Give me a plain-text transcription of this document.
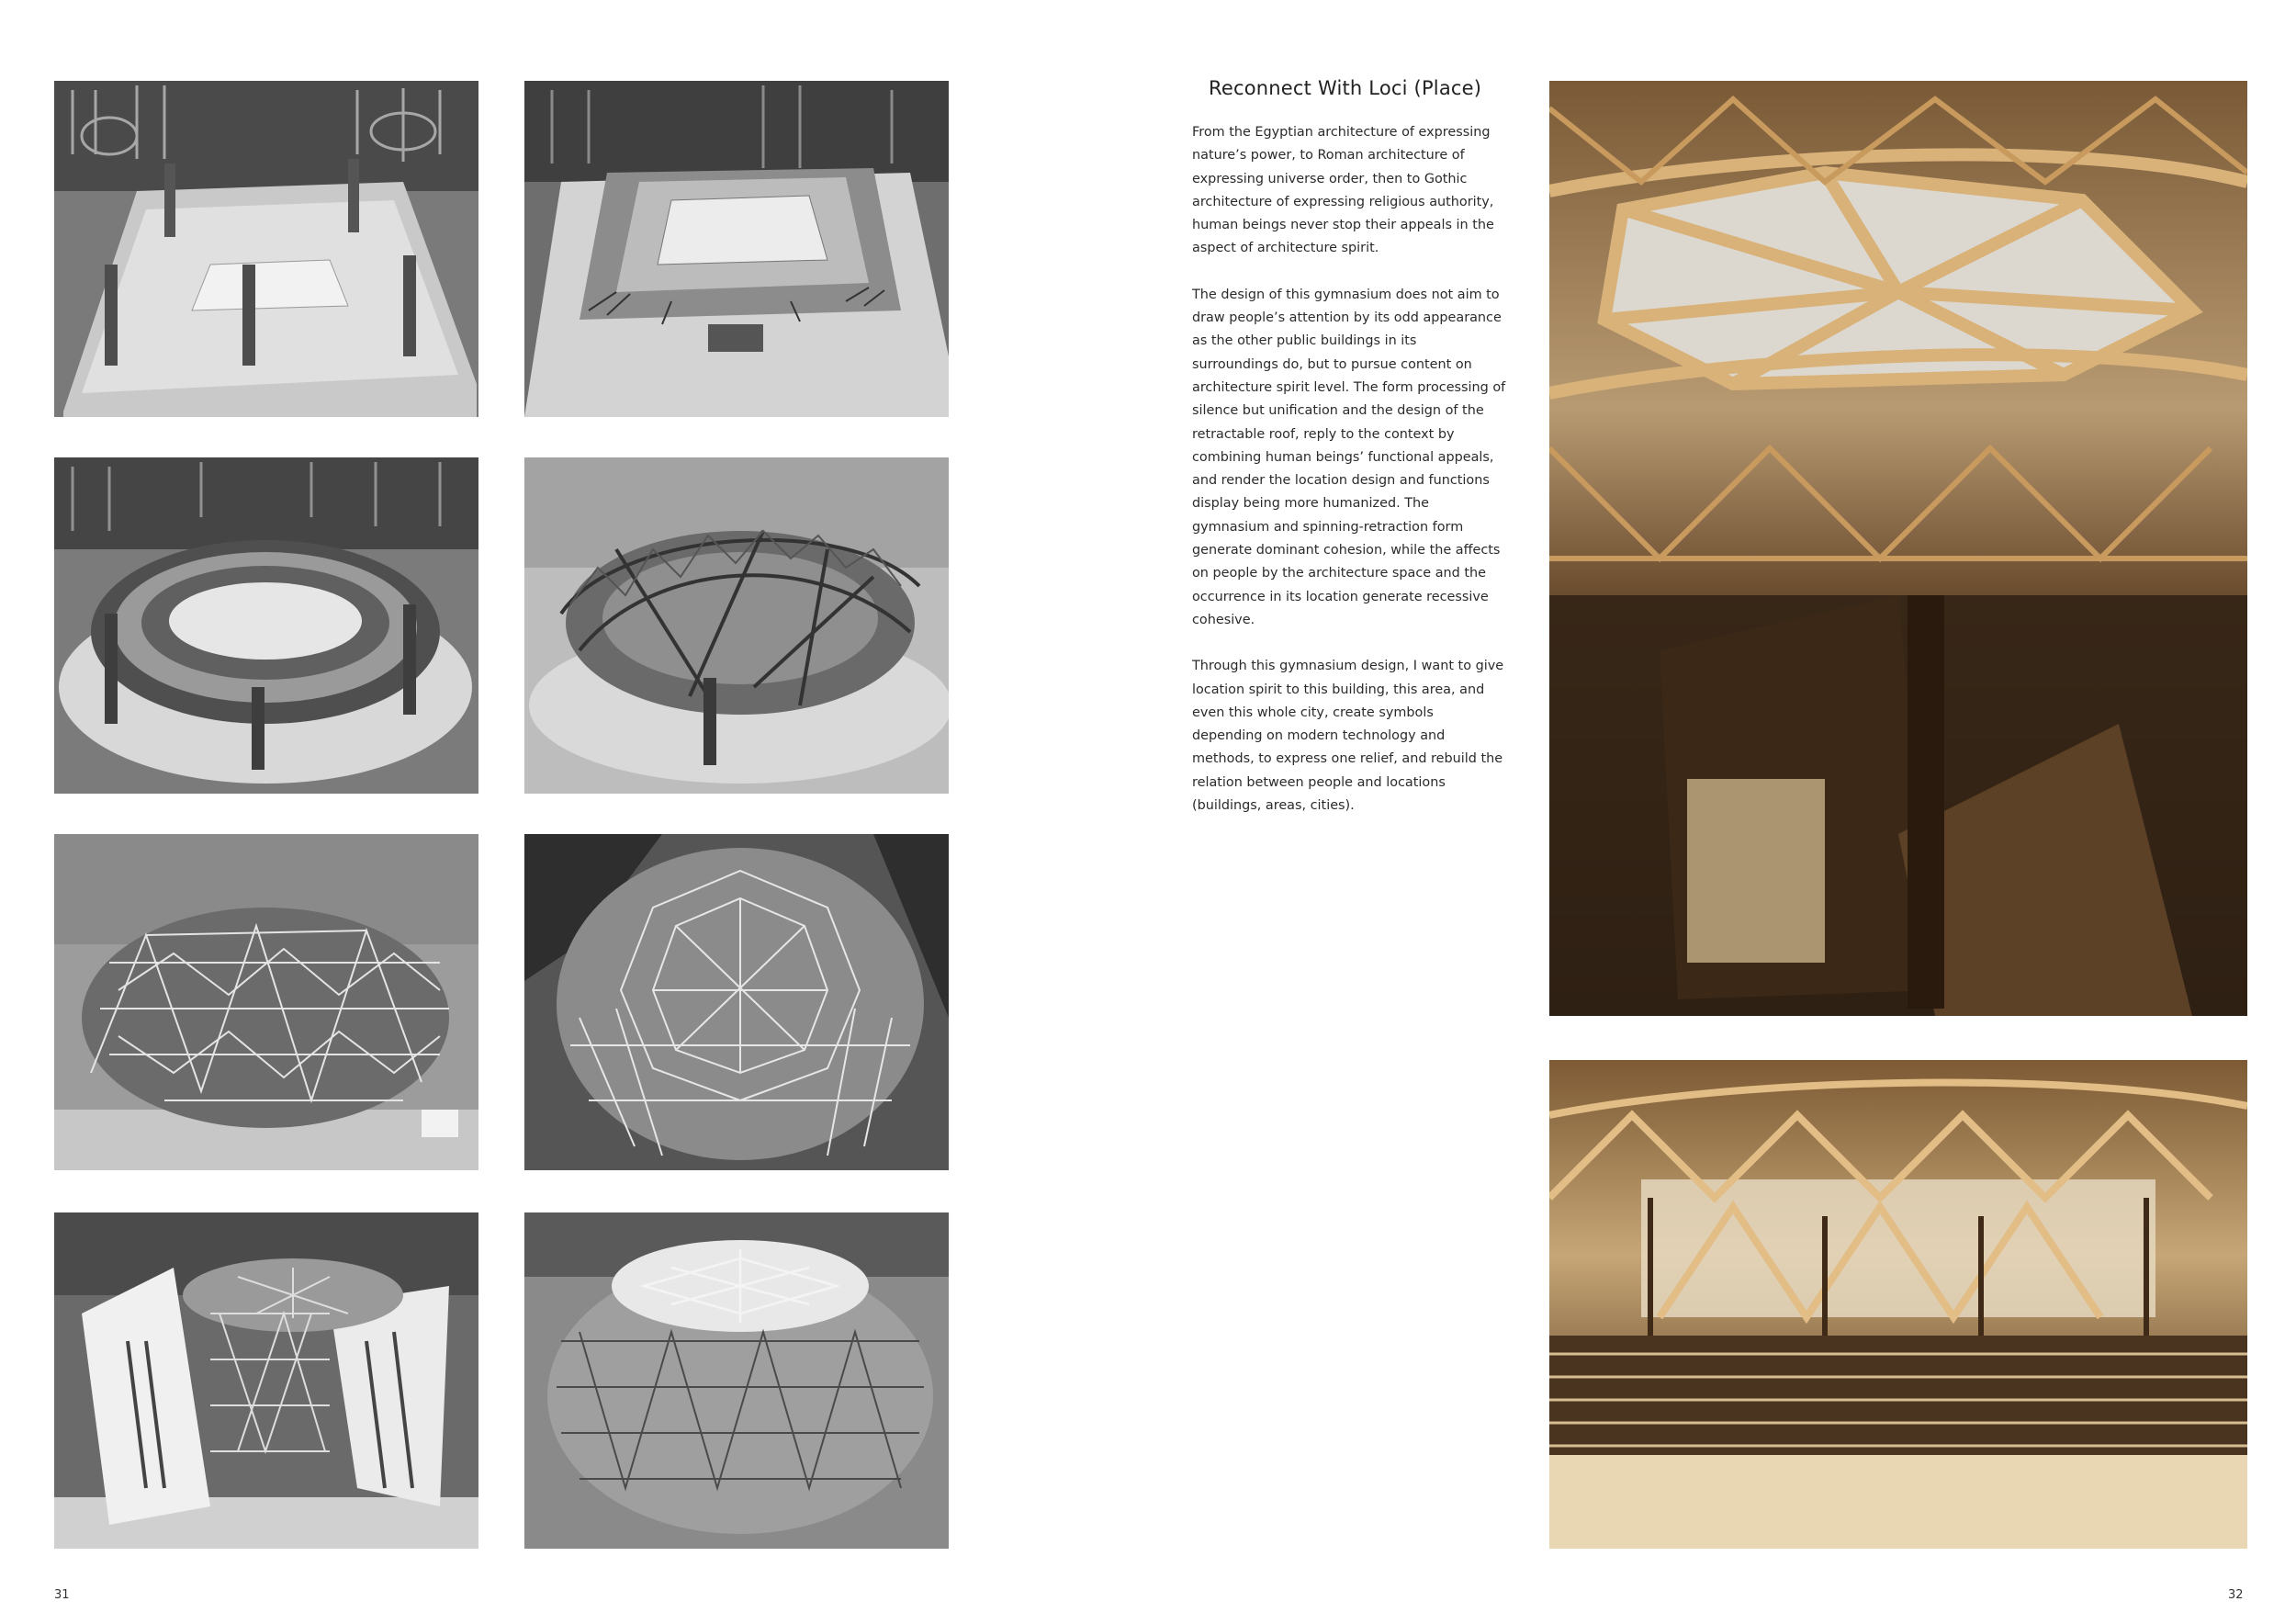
Reconnect With Loci (Place)

From the Egyptian architecture of expressing nature’s power, to Roman architecture of expressing universe order, then to Gothic architecture of expressing religious authority, human beings never stop their appeals in the aspect of architecture spirit.

The design of this gymnasium does not aim to draw people’s attention by its odd appearance as the other public buildings in its surroundings do, but to pursue content on architecture spirit level. The form processing of silence but unification and the design of the retractable roof, reply to the context by combining human beings’ functional appeals, and render the location design and functions display being more humanized. The gymnasium and spinning-retraction form generate dominant cohesion, while the affects on people by the architecture space and the occurrence in its location generate recessive cohesive.

Through this gymnasium design, I want to give location spirit to this building, this area, and even this whole city, create symbols depending on modern technology and methods, to express one relief, and rebuild the relation between people and locations (buildings, areas, cities).

31	32
